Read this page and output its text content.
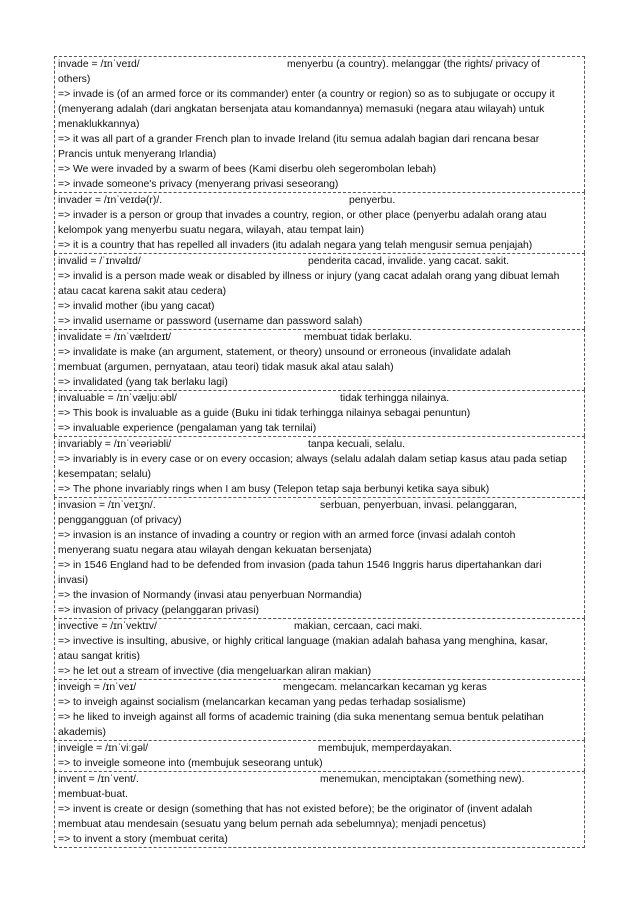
invade = /ɪnˈveɪd/	menyerbu (a country). melanggar (the rights/ privacy of
others)
=> invade is (of an armed force or its commander) enter (a country or region) so as to subjugate or occupy it
(menyerang adalah (dari angkatan bersenjata atau komandannya) memasuki (negara atau wilayah) untuk
menaklukkannya)
=> it was all part of a grander French plan to invade Ireland (itu semua adalah bagian dari rencana besar
Prancis untuk menyerang Irlandia)
=> We were invaded by a swarm of bees (Kami diserbu oleh segerombolan lebah)
=> invade someone's privacy (menyerang privasi seseorang)
invader = /ɪnˈveɪdə(r)/.	penyerbu.
=> invader is a person or group that invades a country, region, or other place (penyerbu adalah orang atau
kelompok yang menyerbu suatu negara, wilayah, atau tempat lain)
=> it is a country that has repelled all invaders (itu adalah negara yang telah mengusir semua penjajah)
invalid = /ˈɪnvəlɪd/	penderita cacad, invalide. yang cacat. sakit.
=> invalid is a person made weak or disabled by illness or injury (yang cacat adalah orang yang dibuat lemah
atau cacat karena sakit atau cedera)
=> invalid mother (ibu yang cacat)
=> invalid username or password (username dan password salah)
invalidate = /ɪnˈvælɪdeɪt/	membuat tidak berlaku.
=> invalidate is make (an argument, statement, or theory) unsound or erroneous (invalidate adalah
membuat (argumen, pernyataan, atau teori) tidak masuk akal atau salah)
=> invalidated (yang tak berlaku lagi)
invaluable = /ɪnˈvæljuːəbl/	tidak terhingga nilainya.
=> This book is invaluable as a guide (Buku ini tidak terhingga nilainya sebagai penuntun)
=> invaluable experience (pengalaman yang tak ternilai)
invariably = /ɪnˈveəriəbli/	tanpa kecuali, selalu.
=> invariably is in every case or on every occasion; always (selalu adalah dalam setiap kasus atau pada setiap
kesempatan; selalu)
=> The phone invariably rings when I am busy (Telepon tetap saja berbunyi ketika saya sibuk)
invasion = /ɪnˈveɪʒn/.	serbuan, penyerbuan, invasi. pelanggaran,
penggangguan (of privacy)
=> invasion is an instance of invading a country or region with an armed force (invasi adalah contoh
menyerang suatu negara atau wilayah dengan kekuatan bersenjata)
=> in 1546 England had to be defended from invasion (pada tahun 1546 Inggris harus dipertahankan dari
invasi)
=> the invasion of Normandy (invasi atau penyerbuan Normandia)
=> invasion of privacy (pelanggaran privasi)
invective = /ɪnˈvektɪv/	makian, cercaan, caci maki.
=> invective is insulting, abusive, or highly critical language (makian adalah bahasa yang menghina, kasar,
atau sangat kritis)
=> he let out a stream of invective (dia mengeluarkan aliran makian)
inveigh = /ɪnˈveɪ/	mengecam. melancarkan kecaman yg keras
=> to inveigh against socialism (melancarkan kecaman yang pedas terhadap sosialisme)
=> he liked to inveigh against all forms of academic training (dia suka menentang semua bentuk pelatihan
akademis)
inveigle = /ɪnˈviːɡəl/	membujuk, memperdayakan.
=> to inveigle someone into (membujuk seseorang untuk)
invent = /ɪnˈvent/.	menemukan, menciptakan (something new).
membuat-buat.
=> invent is create or design (something that has not existed before); be the originator of (invent adalah
membuat atau mendesain (sesuatu yang belum pernah ada sebelumnya); menjadi pencetus)
=> to invent a story (membuat cerita)
